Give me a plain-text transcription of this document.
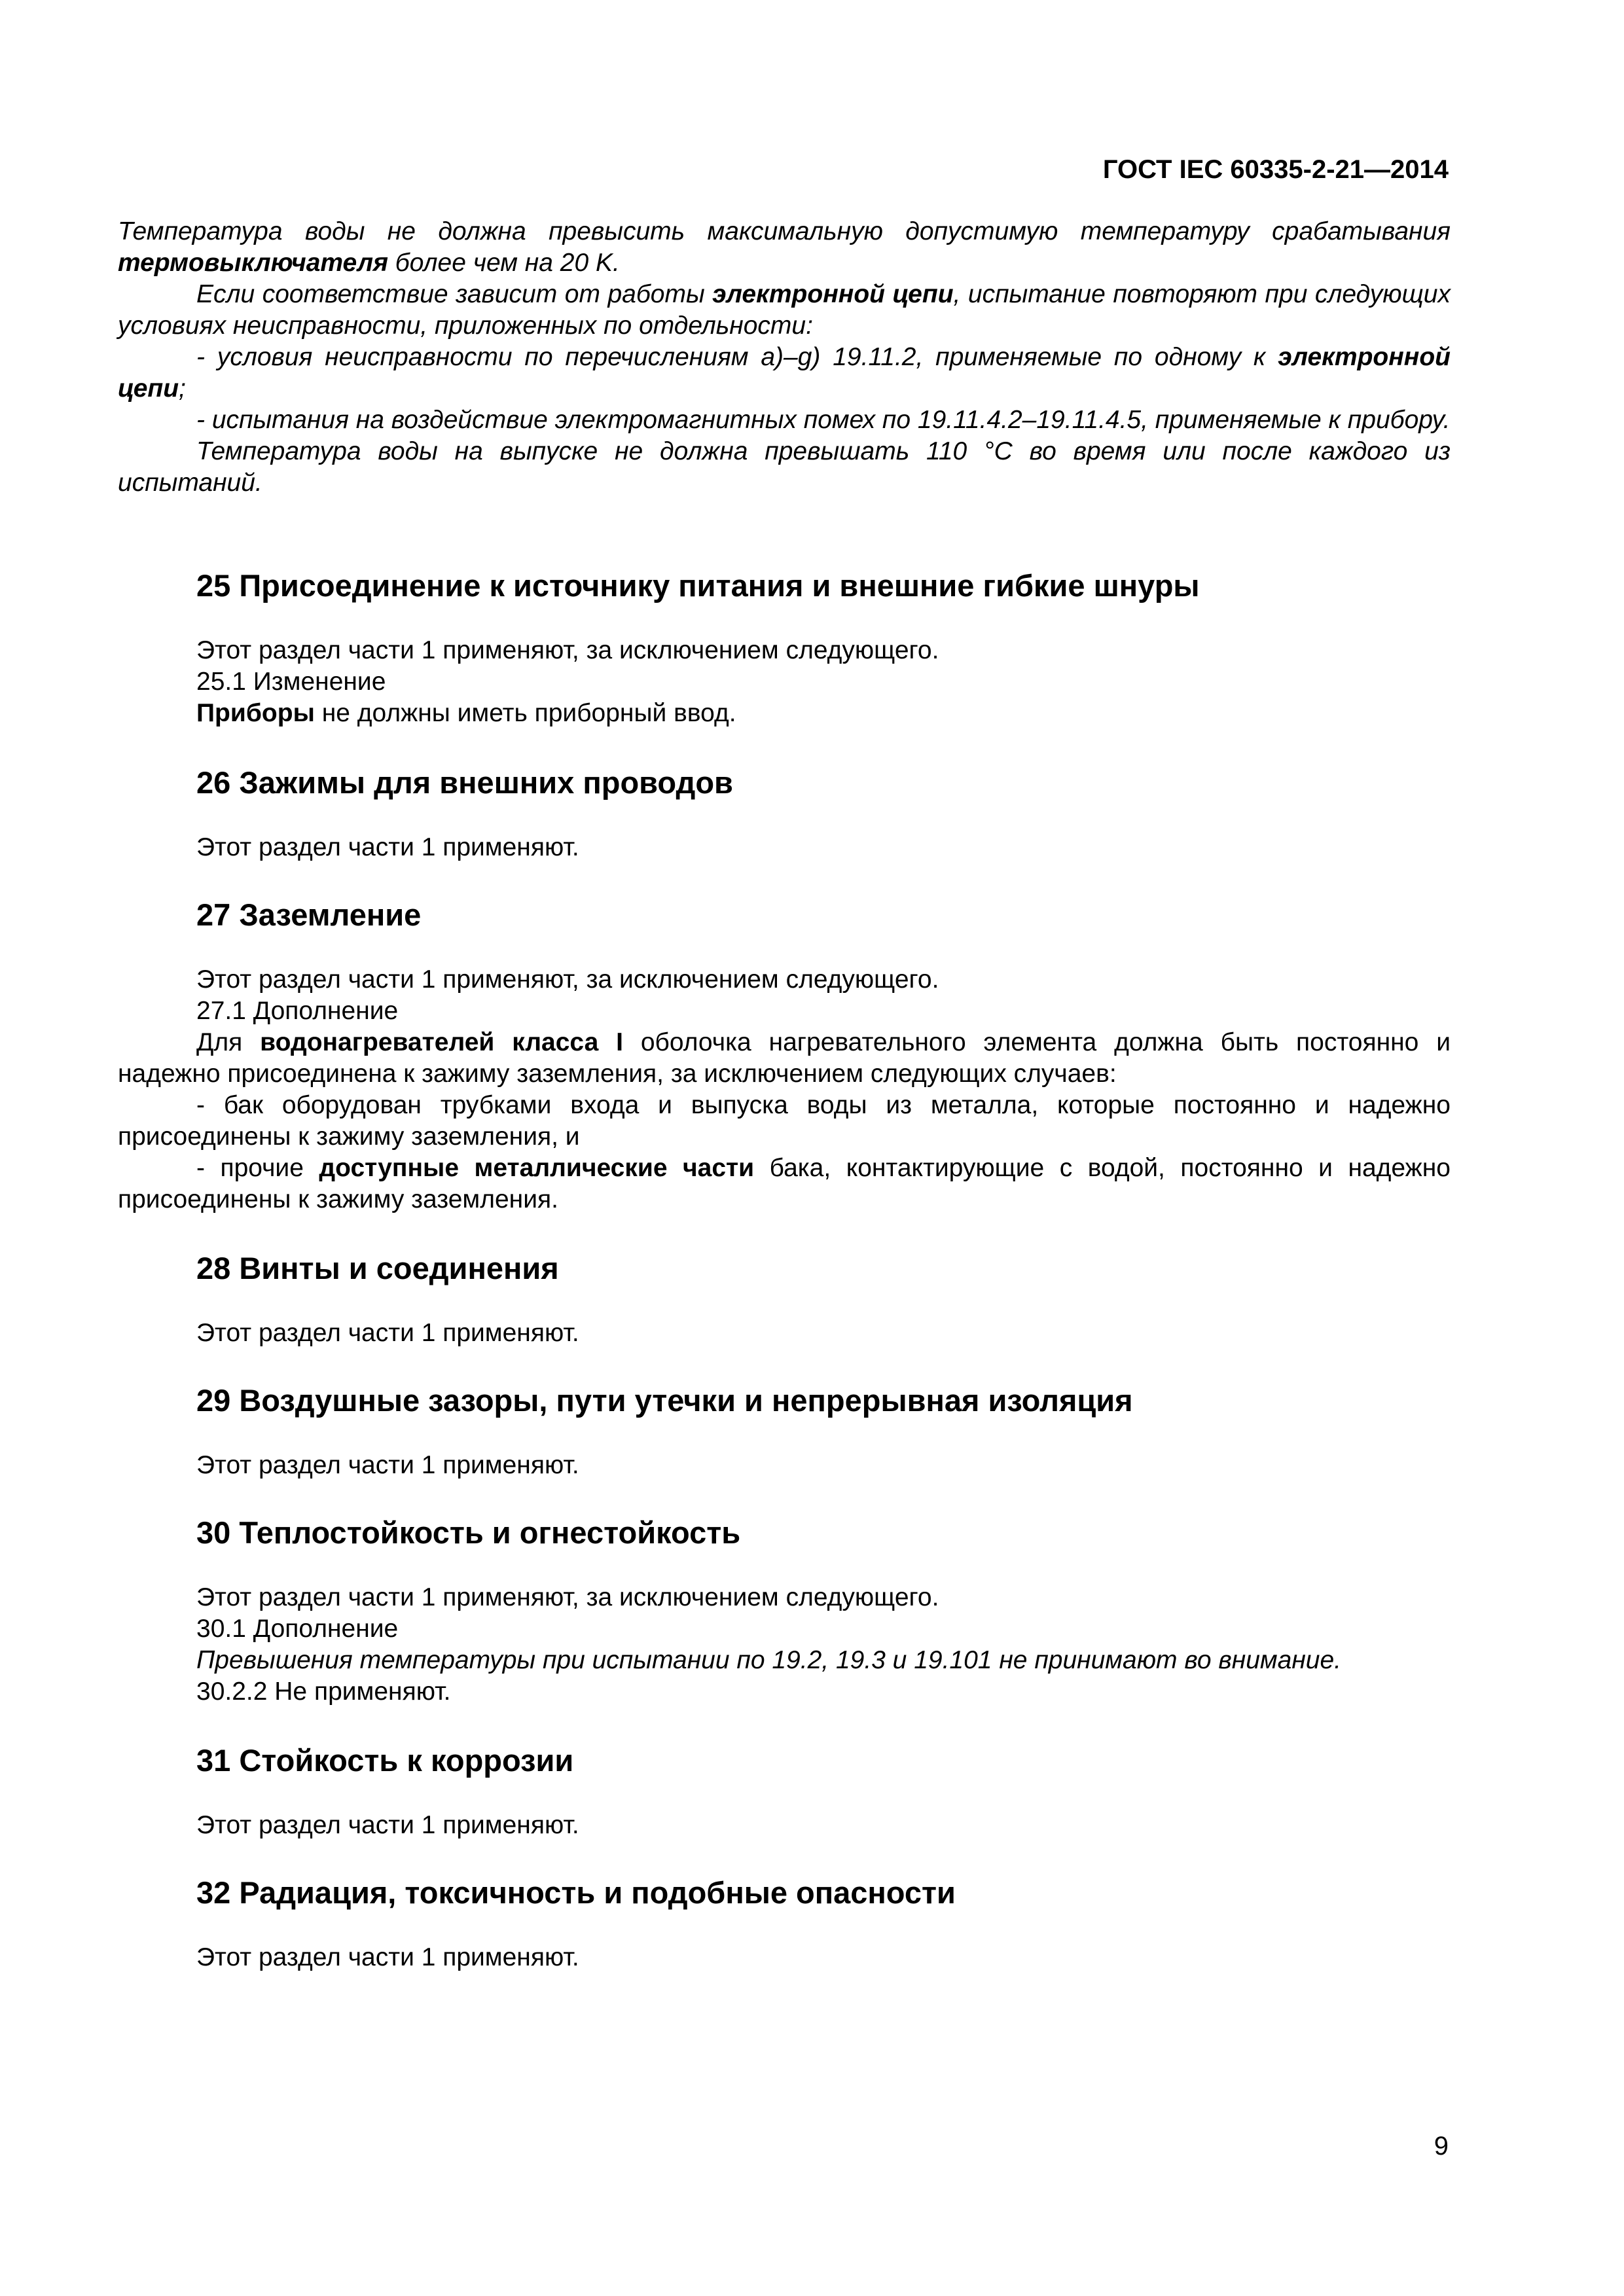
ГОСТ IEC 60335-2-21—2014

Температура воды не должна превысить максимальную допустимую температуру срабатывания термовыключателя более чем на 20 K.

Если соответствие зависит от работы электронной цепи, испытание повторяют при следующих условиях неисправности, приложенных по отдельности:

- условия неисправности по перечислениям a)–g) 19.11.2, применяемые по одному к электронной цепи;

- испытания на воздействие электромагнитных помех по 19.11.4.2–19.11.4.5, применяемые к прибору.

Температура воды на выпуске не должна превышать 110 °C во время или после каждого из испытаний.

25 Присоединение к источнику питания и внешние гибкие шнуры

Этот раздел части 1 применяют, за исключением следующего.

25.1 Изменение

Приборы не должны иметь приборный ввод.

26 Зажимы для внешних проводов

Этот раздел части 1 применяют.

27 Заземление

Этот раздел части 1 применяют, за исключением следующего.

27.1 Дополнение

Для водонагревателей класса I оболочка нагревательного элемента должна быть постоянно и надежно присоединена к зажиму заземления, за исключением следующих случаев:

- бак оборудован трубками входа и выпуска воды из металла, которые постоянно и надежно присоединены к зажиму заземления, и

- прочие доступные металлические части бака, контактирующие с водой, постоянно и надежно присоединены к зажиму заземления.

28 Винты и соединения

Этот раздел части 1 применяют.

29 Воздушные зазоры, пути утечки и непрерывная изоляция

Этот раздел части 1 применяют.

30 Теплостойкость и огнестойкость

Этот раздел части 1 применяют, за исключением следующего.

30.1 Дополнение

Превышения температуры при испытании по 19.2, 19.3 и 19.101 не принимают во внимание.

30.2.2 Не применяют.

31 Стойкость к коррозии

Этот раздел части 1 применяют.

32 Радиация, токсичность и подобные опасности

Этот раздел части 1 применяют.

9
